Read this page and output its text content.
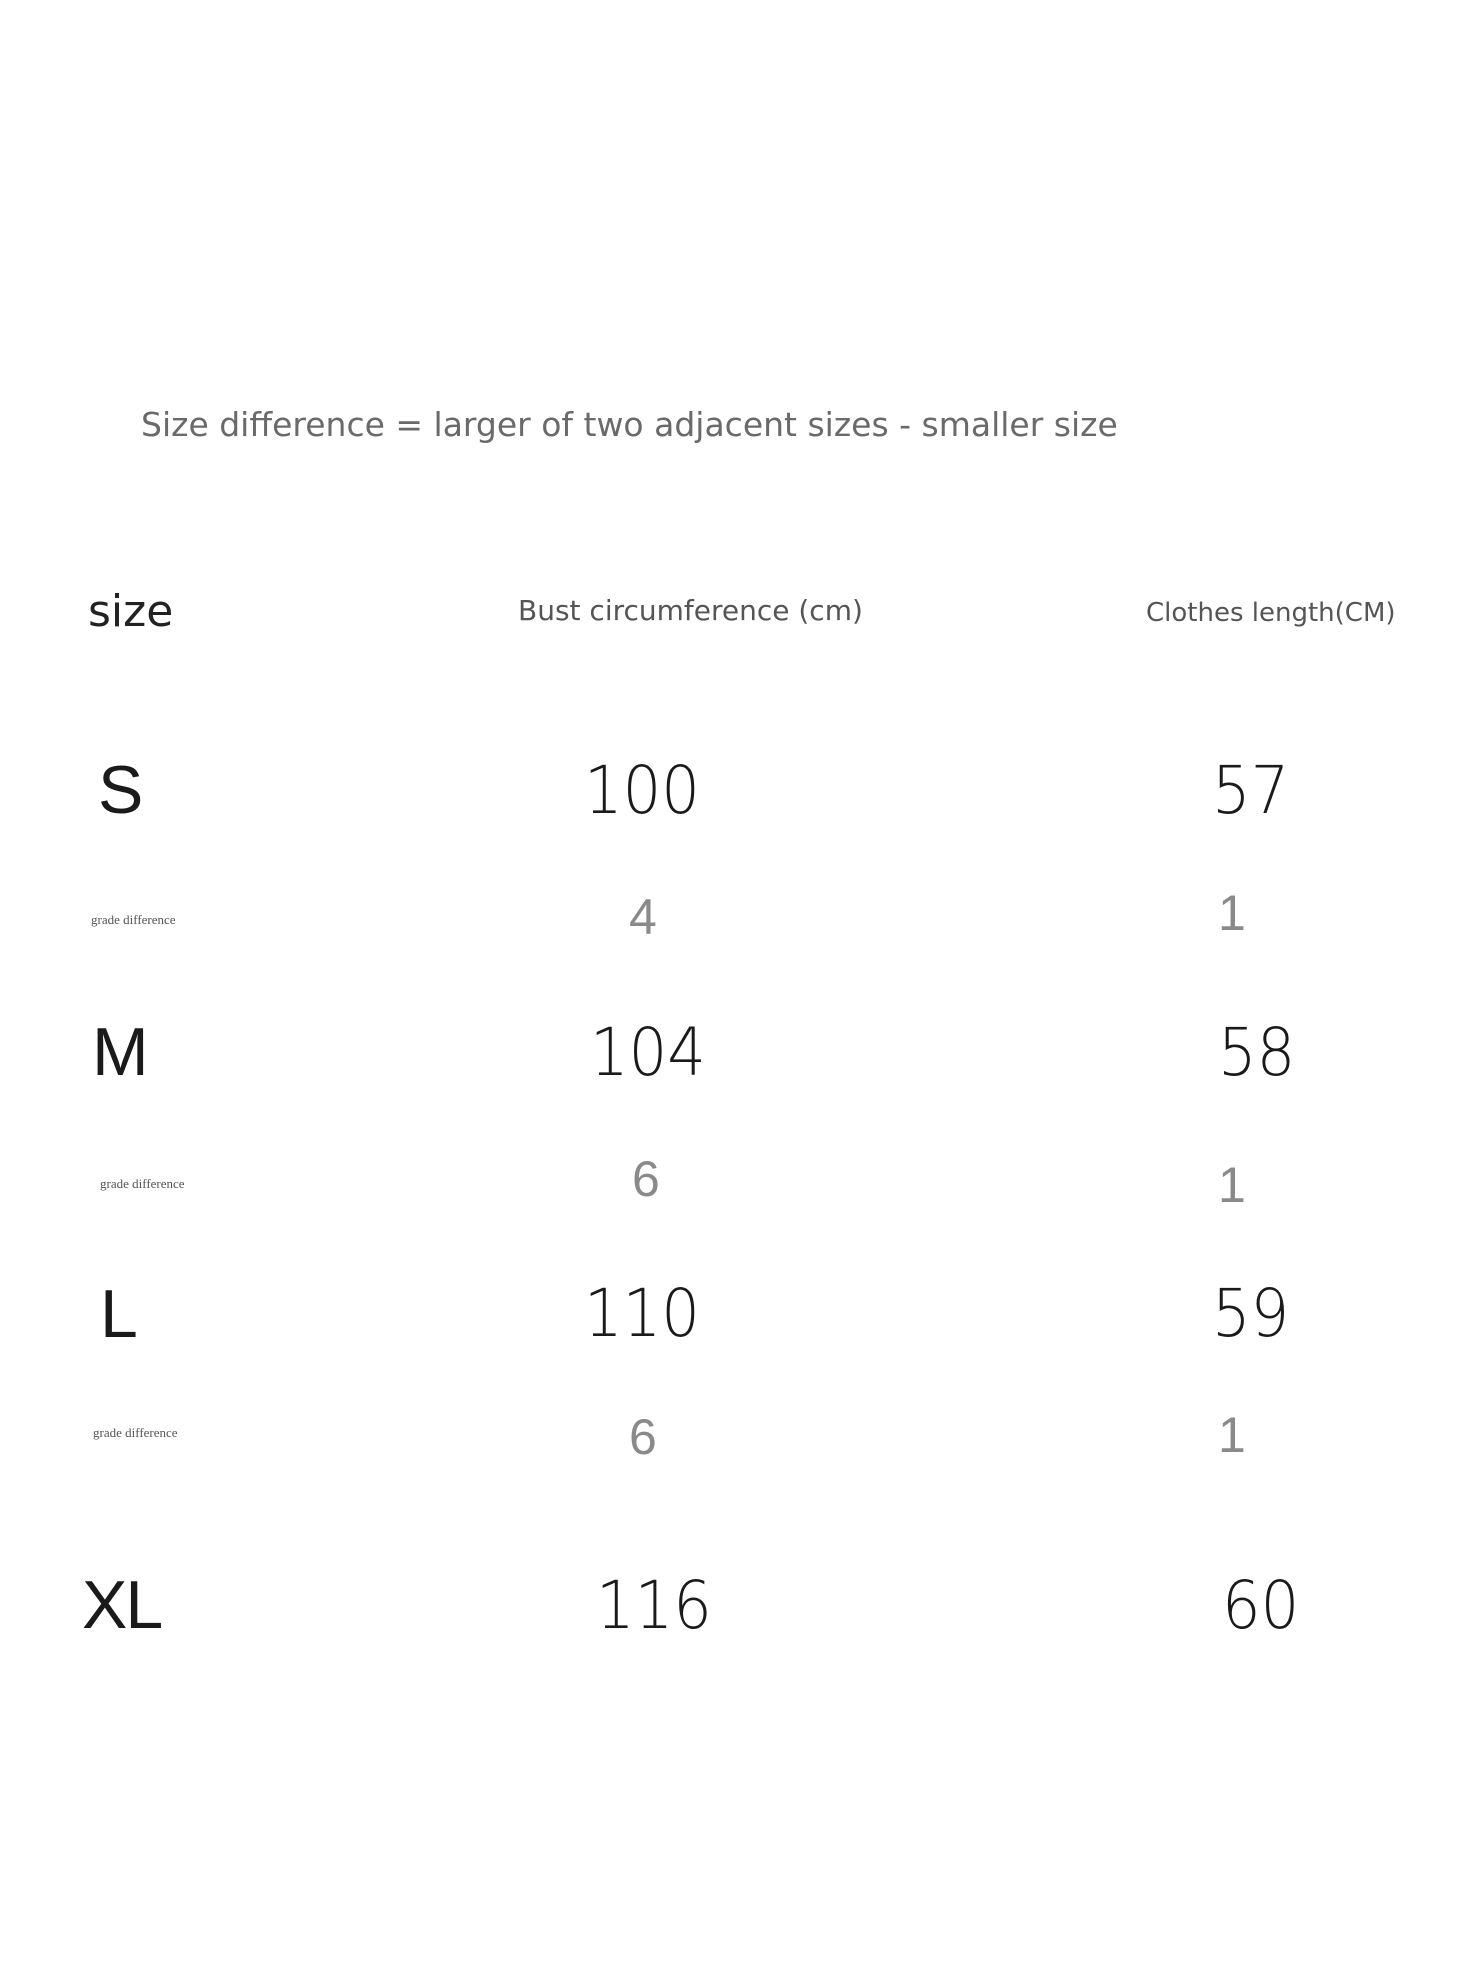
Size difference = larger of two adjacent sizes - smaller size
size	Bust circumference (cm)	Clothes length(CM)
S	100	57
grade difference	4	1
M	104	58
grade difference	6	1
L	110	59
grade difference	6	1
XL	116	60
